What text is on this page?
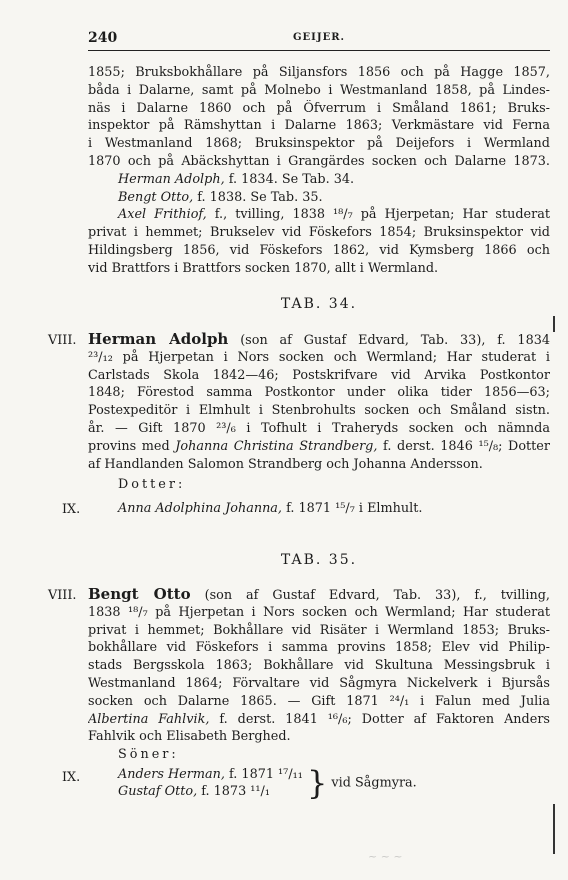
240	GEIJER.
1855; Bruksbokhållare på Siljansfors 1856 och på Hagge 1857,
båda i Dalarne, samt på Molnebo i Westmanland 1858, på Lindes-
näs i Dalarne 1860 och på Öfverrum i Småland 1861; Bruks-
inspektor på Rämshyttan i Dalarne 1863; Verkmästare vid Ferna
i Westmanland 1868; Bruksinspektor på Deijefors i Wermland
1870 och på Abäckshyttan i Grangärdes socken och Dalarne 1873.
Herman Adolph, f. 1834. Se Tab. 34.
Bengt Otto, f. 1838. Se Tab. 35.
Axel Frithiof, f., tvilling, 1838 ¹⁸/₇ på Hjerpetan; Har studerat
privat i hemmet; Brukselev vid Föskefors 1854; Bruksinspektor vid
Hildingsberg 1856, vid Föskefors 1862, vid Kymsberg 1866 och
vid Brattfors i Brattfors socken 1870, allt i Wermland.
TAB. 34.
VIII. Herman Adolph (son af Gustaf Edvard, Tab. 33), f. 1834
²³/₁₂ på Hjerpetan i Nors socken och Wermland; Har studerat i
Carlstads Skola 1842—46; Postskrifvare vid Arvika Postkontor
1848; Förestod samma Postkontor under olika tider 1856—63;
Postexpeditör i Elmhult i Stenbrohults socken och Småland sistn.
år. — Gift 1870 ²³/₆ i Tofhult i Traheryds socken och nämnda
provins med Johanna Christina Strandberg, f. derst. 1846 ¹⁵/₈; Dotter
af Handlanden Salomon Strandberg och Johanna Andersson.
Dotter:
IX.	Anna Adolphina Johanna, f. 1871 ¹⁵/₇ i Elmhult.
TAB. 35.
VIII. Bengt Otto (son af Gustaf Edvard, Tab. 33), f., tvilling,
1838 ¹⁸/₇ på Hjerpetan i Nors socken och Wermland; Har studerat
privat i hemmet; Bokhållare vid Risäter i Wermland 1853; Bruks-
bokhållare vid Föskefors i samma provins 1858; Elev vid Philip-
stads Bergsskola 1863; Bokhållare vid Skultuna Messingsbruk i
Westmanland 1864; Förvaltare vid Sågmyra Nickelverk i Bjursås
socken och Dalarne 1865. — Gift 1871 ²⁴/₁ i Falun med Julia
Albertina Fahlvik, f. derst. 1841 ¹⁶/₆; Dotter af Faktoren Anders
Fahlvik och Elisabeth Berghed.
Söner:
IX.	Anders Herman, f. 1871 ¹⁷/₁₁
Gustaf Otto, f. 1873 ¹¹/₁	} vid Sågmyra.
~ ~ ~
